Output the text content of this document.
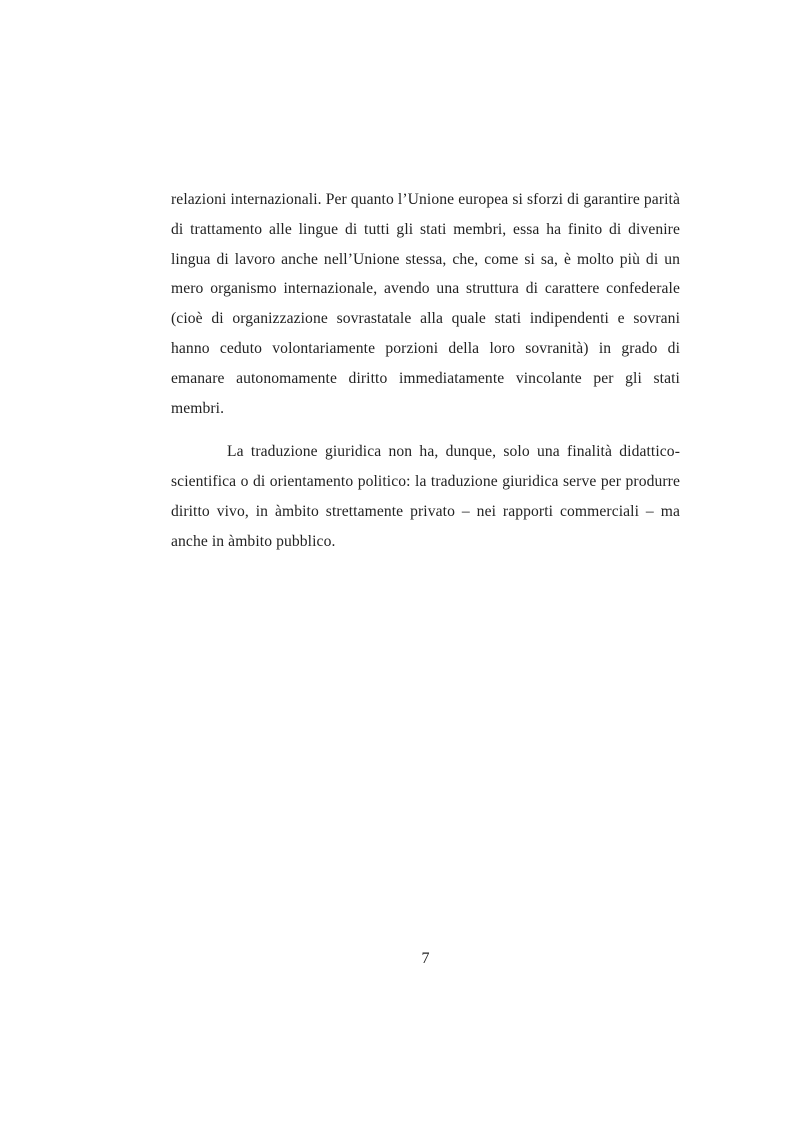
relazioni internazionali. Per quanto l’Unione europea si sforzi di garantire parità di trattamento alle lingue di tutti gli stati membri, essa ha finito di divenire lingua di lavoro anche nell’Unione stessa, che, come si sa, è molto più di un mero organismo internazionale, avendo una struttura di carattere confederale (cioè di organizzazione sovrastatale alla quale stati indipendenti e sovrani hanno ceduto volontariamente porzioni della loro sovranità) in grado di emanare autonomamente diritto immediatamente vincolante per gli stati membri.

La traduzione giuridica non ha, dunque, solo una finalità didattico-scientifica o di orientamento politico: la traduzione giuridica serve per produrre diritto vivo, in àmbito strettamente privato – nei rapporti commerciali – ma anche in àmbito pubblico.

7
